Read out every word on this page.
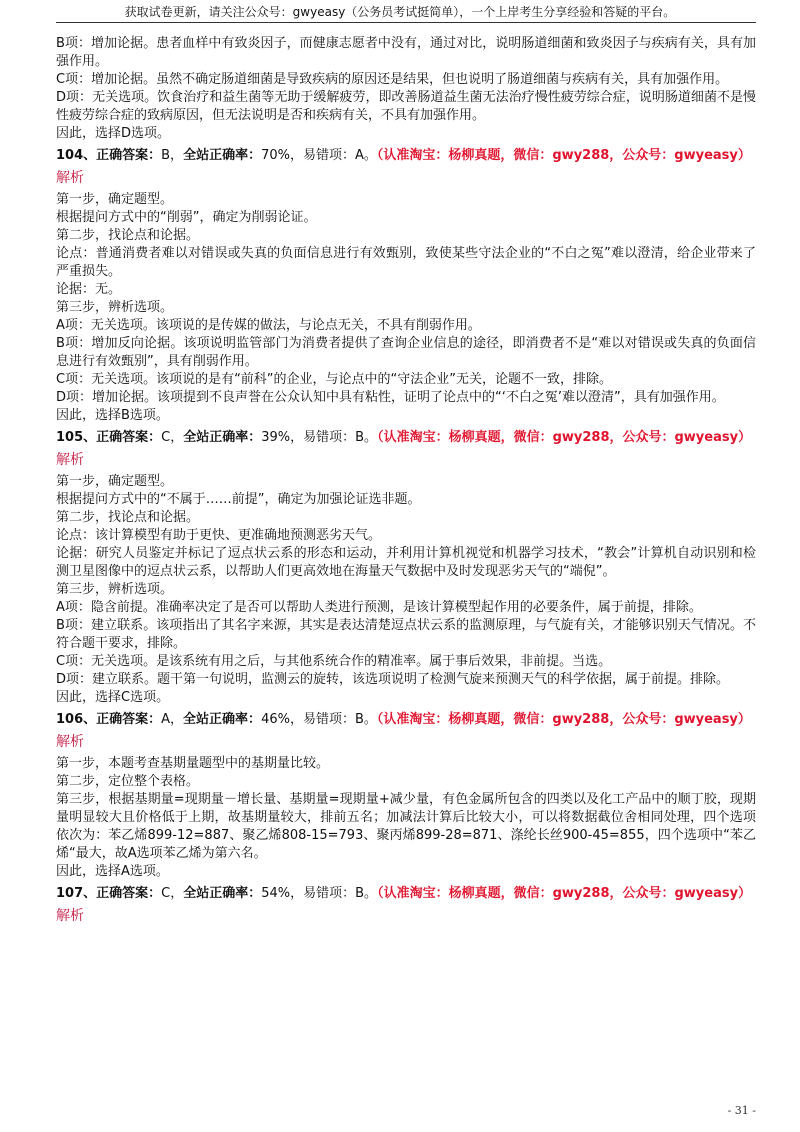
获取试卷更新，请关注公众号：gwyeasy（公务员考试挺简单），一个上岸考生分享经验和答疑的平台。

B项：增加论据。患者血样中有致炎因子，而健康志愿者中没有，通过对比，说明肠道细菌和致炎因子与疾病有关，具有加强作用。

C项：增加论据。虽然不确定肠道细菌是导致疾病的原因还是结果，但也说明了肠道细菌与疾病有关，具有加强作用。

D项：无关选项。饮食治疗和益生菌等无助于缓解疲劳，即改善肠道益生菌无法治疗慢性疲劳综合症，说明肠道细菌不是慢性疲劳综合症的致病原因，但无法说明是否和疾病有关，不具有加强作用。

因此，选择D选项。

104、正确答案：B，全站正确率：70%，易错项：A。（认准淘宝：杨柳真题，微信：gwy288，公众号：gwyeasy）
解析

第一步，确定题型。

根据提问方式中的“削弱”，确定为削弱论证。

第二步，找论点和论据。

论点：普通消费者难以对错误或失真的负面信息进行有效甄别，致使某些守法企业的“不白之冤”难以澄清，给企业带来了严重损失。

论据：无。

第三步，辨析选项。

A项：无关选项。该项说的是传媒的做法，与论点无关，不具有削弱作用。

B项：增加反向论据。该项说明监管部门为消费者提供了查询企业信息的途径，即消费者不是“难以对错误或失真的负面信息进行有效甄别”，具有削弱作用。

C项：无关选项。该项说的是有“前科”的企业，与论点中的“守法企业”无关，论题不一致，排除。

D项：增加论据。该项提到不良声誉在公众认知中具有粘性，证明了论点中的“‘不白之冤’难以澄清”，具有加强作用。

因此，选择B选项。

105、正确答案：C，全站正确率：39%，易错项：B。（认准淘宝：杨柳真题，微信：gwy288，公众号：gwyeasy）
解析

第一步，确定题型。

根据提问方式中的“不属于……前提”，确定为加强论证选非题。

第二步，找论点和论据。

论点：该计算模型有助于更快、更准确地预测恶劣天气。

论据：研究人员鉴定并标记了逗点状云系的形态和运动，并利用计算机视觉和机器学习技术，“教会”计算机自动识别和检测卫星图像中的逗点状云系，以帮助人们更高效地在海量天气数据中及时发现恶劣天气的“端倪”。

第三步，辨析选项。

A项：隐含前提。准确率决定了是否可以帮助人类进行预测，是该计算模型起作用的必要条件，属于前提，排除。

B项：建立联系。该项指出了其名字来源，其实是表达清楚逗点状云系的监测原理，与气旋有关，才能够识别天气情况。不符合题干要求，排除。

C项：无关选项。是该系统有用之后，与其他系统合作的精准率。属于事后效果，非前提。当选。

D项：建立联系。题干第一句说明，监测云的旋转，该选项说明了检测气旋来预测天气的科学依据，属于前提。排除。

因此，选择C选项。

106、正确答案：A，全站正确率：46%，易错项：B。（认准淘宝：杨柳真题，微信：gwy288，公众号：gwyeasy）
解析

第一步，本题考查基期量题型中的基期量比较。

第二步，定位整个表格。

第三步，根据基期量=现期量－增长量、基期量=现期量+减少量，有色金属所包含的四类以及化工产品中的顺丁胶，现期量明显较大且价格低于上期，故基期量较大，排前五名；加减法计算后比较大小，可以将数据截位舍相同处理，四个选项依次为：苯乙烯899-12=887、聚乙烯808-15=793、聚丙烯899-28=871、涤纶长丝900-45=855，四个选项中“苯乙烯“最大，故A选项苯乙烯为第六名。

因此，选择A选项。

107、正确答案：C，全站正确率：54%，易错项：B。（认准淘宝：杨柳真题，微信：gwy288，公众号：gwyeasy）
解析
- 31 -
